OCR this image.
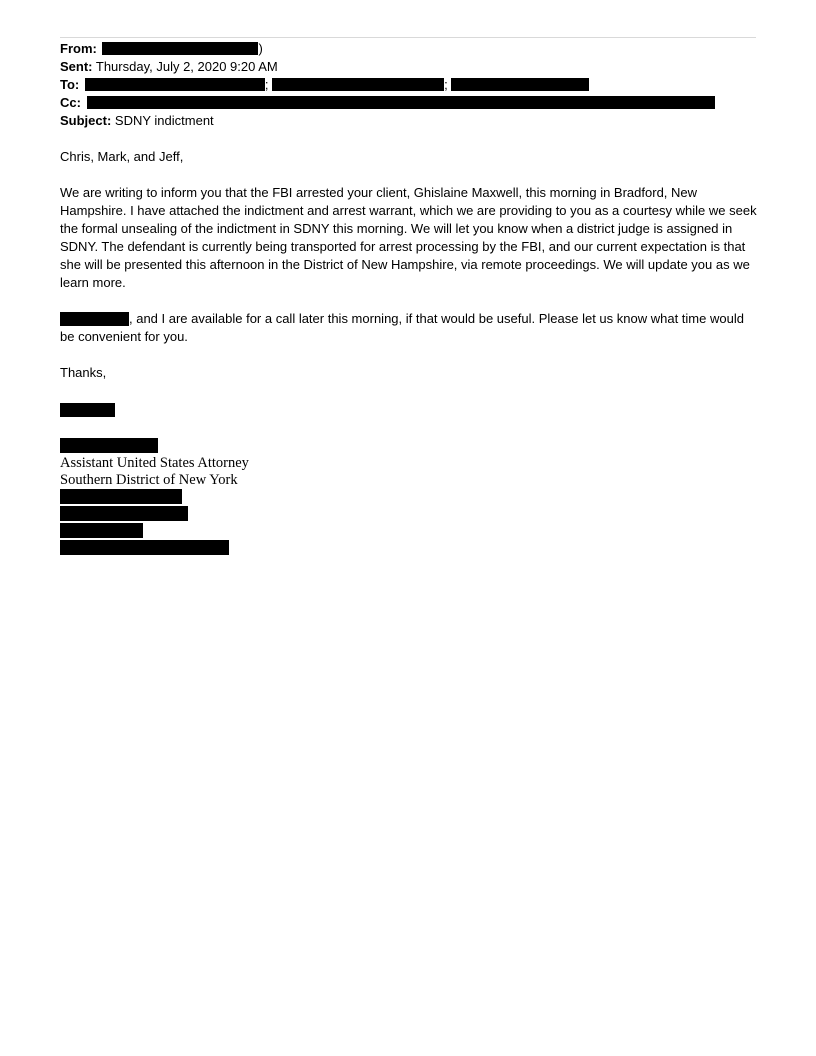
From:	)
Sent: Thursday, July 2, 2020 9:20 AM
To:	;	;
Cc:
Subject: SDNY indictment

Chris, Mark, and Jeff,

We are writing to inform you that the FBI arrested your client, Ghislaine Maxwell, this morning in Bradford, New Hampshire. I have attached the indictment and arrest warrant, which we are providing to you as a courtesy while we seek the formal unsealing of the indictment in SDNY this morning. We will let you know when a district judge is assigned in SDNY. The defendant is currently being transported for arrest processing by the FBI, and our current expectation is that she will be presented this afternoon in the District of New Hampshire, via remote proceedings. We will update you as we learn more.

, and I are available for a call later this morning, if that would be useful. Please let us know what time would be convenient for you.

Thanks,

Assistant United States Attorney
Southern District of New York
